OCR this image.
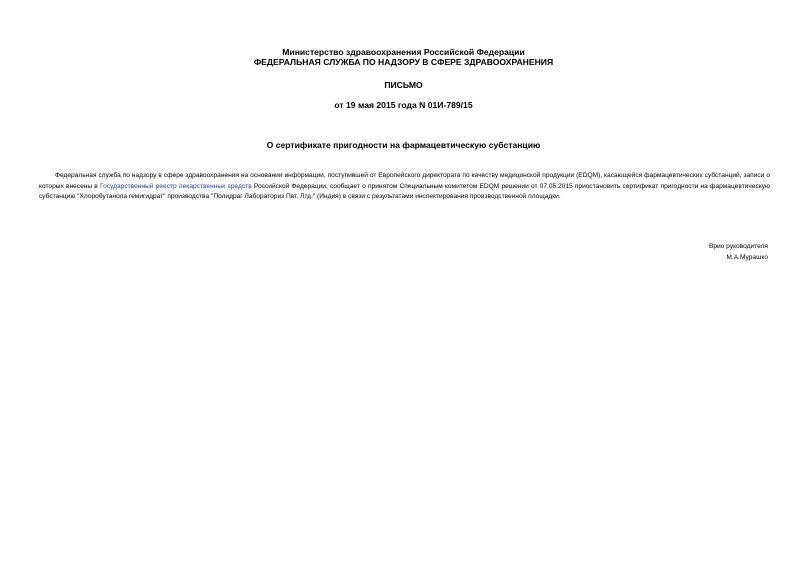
Министерство здравоохранения Российской Федерации
ФЕДЕРАЛЬНАЯ СЛУЖБА ПО НАДЗОРУ В СФЕРЕ ЗДРАВООХРАНЕНИЯ
ПИСЬМО
от 19 мая 2015 года N 01И-789/15
О сертификате пригодности на фармацевтическую субстанцию

Федеральная служба по надзору в сфере здравоохранения на основании информации, поступившей от Европейского директората по качеству медицинской продукции (EDQM), касающейся фармацевтических субстанций, записи о которых внесены в Государственный реестр лекарственных средств Российской Федерации, сообщает о принятом Специальным комитетом EDQM решении от 07.05.2015 приостановить сертификат пригодности на фармацевтическую субстанцию "Хлоробутанола гемигидрат" производства "Полидраг Лабораториз Пвт. Лтд." (Индия) в связи с результатами инспектирования производственной площадки.

Врио руководителя
М.А.Мурашко
